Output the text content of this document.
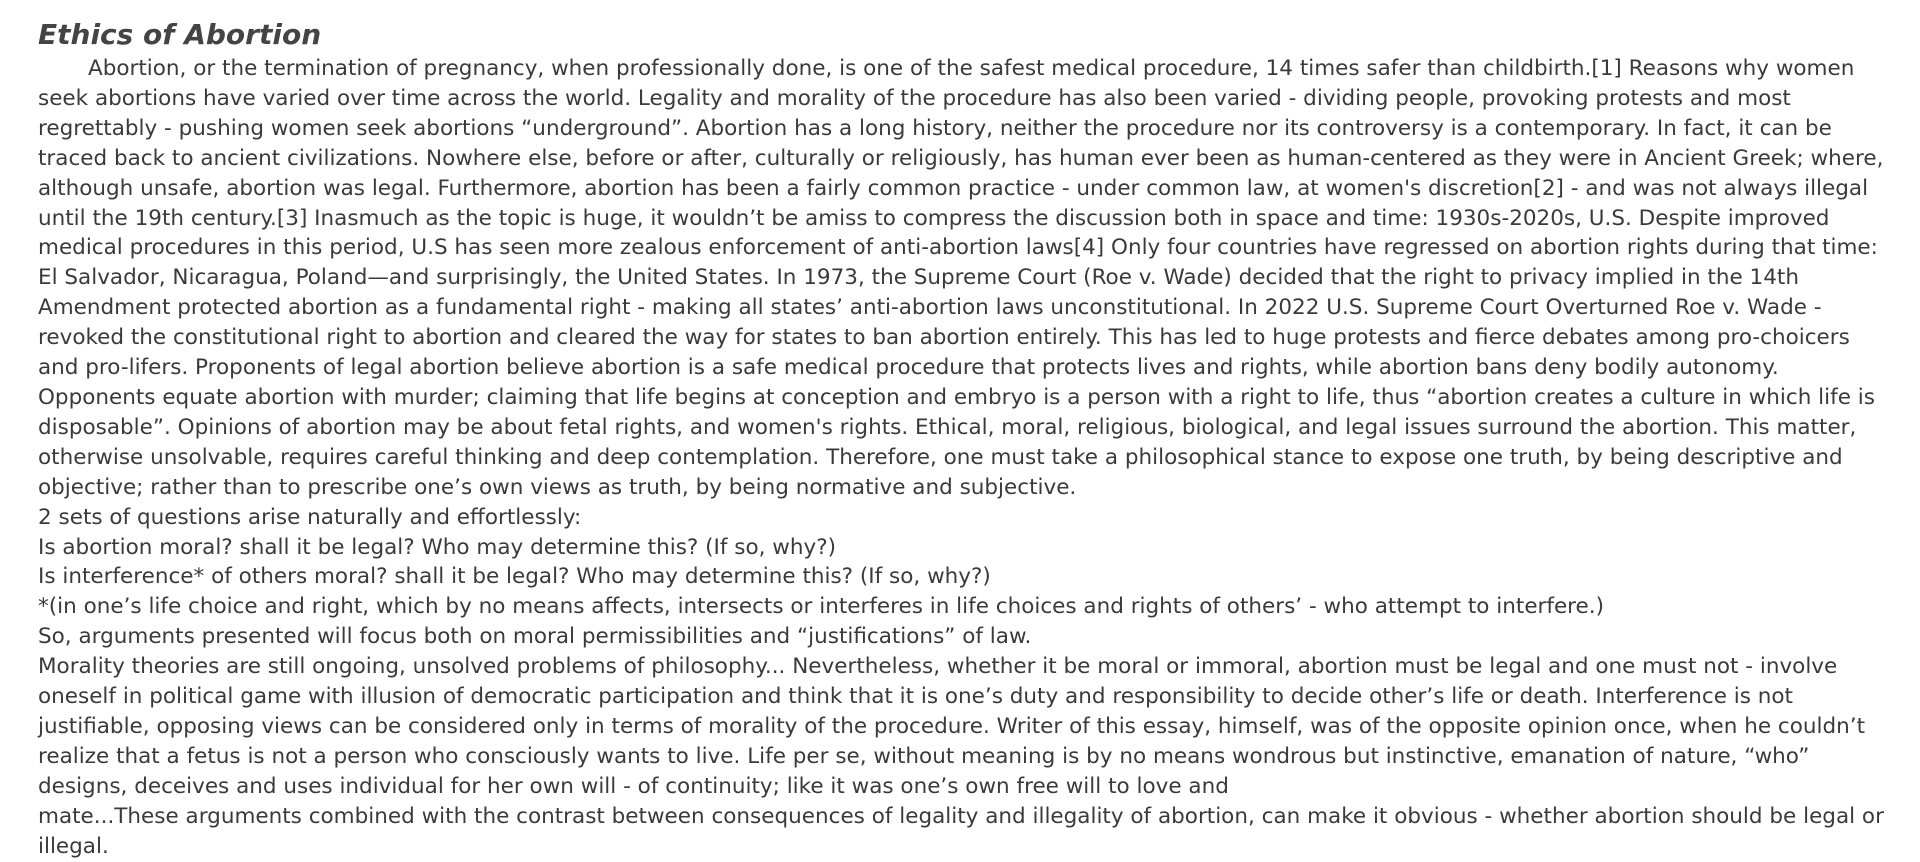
Ethics of Abortion

Abortion, or the termination of pregnancy, when professionally done, is one of the safest medical procedure, 14 times safer than childbirth.[1] Reasons why women seek abortions have varied over time across the world. Legality and morality of the procedure has also been varied - dividing people, provoking protests and most regrettably - pushing women seek abortions “underground”. Abortion has a long history, neither the procedure nor its controversy is a contemporary. In fact, it can be traced back to ancient civilizations. Nowhere else, before or after, culturally or religiously, has human ever been as human-centered as they were in Ancient Greek; where, although unsafe, abortion was legal. Furthermore, abortion has been a fairly common practice - under common law, at women's discretion[2] - and was not always illegal until the 19th century.[3] Inasmuch as the topic is huge, it wouldn’t be amiss to compress the discussion both in space and time: 1930s-2020s, U.S. Despite improved medical procedures in this period, U.S has seen more zealous enforcement of anti-abortion laws[4] Only four countries have regressed on abortion rights during that time: El Salvador, Nicaragua, Poland—and surprisingly, the United States. In 1973, the Supreme Court (Roe v. Wade) decided that the right to privacy implied in the 14th Amendment protected abortion as a fundamental right - making all states’ anti-abortion laws unconstitutional. In 2022 U.S. Supreme Court Overturned Roe v. Wade - revoked the constitutional right to abortion and cleared the way for states to ban abortion entirely. This has led to huge protests and fierce debates among pro-choicers and pro-lifers. Proponents of legal abortion believe abortion is a safe medical procedure that protects lives and rights, while abortion bans deny bodily autonomy. Opponents equate abortion with murder; claiming that life begins at conception and embryo is a person with a right to life, thus “abortion creates a culture in which life is disposable”. Opinions of abortion may be about fetal rights, and women's rights. Ethical, moral, religious, biological, and legal issues surround the abortion. This matter, otherwise unsolvable, requires careful thinking and deep contemplation. Therefore, one must take a philosophical stance to expose one truth, by being descriptive and objective; rather than to prescribe one’s own views as truth, by being normative and subjective.

2 sets of questions arise naturally and effortlessly:

Is abortion moral? shall it be legal? Who may determine this? (If so, why?)

Is interference* of others moral? shall it be legal? Who may determine this? (If so, why?)

*(in one’s life choice and right, which by no means affects, intersects or interferes in life choices and rights of others’ - who attempt to interfere.)

So, arguments presented will focus both on moral permissibilities and “justifications” of law.

Morality theories are still ongoing, unsolved problems of philosophy... Nevertheless, whether it be moral or immoral, abortion must be legal and one must not - involve oneself in political game with illusion of democratic participation and think that it is one’s duty and responsibility to decide other’s life or death. Interference is not justifiable, opposing views can be considered only in terms of morality of the procedure. Writer of this essay, himself, was of the opposite opinion once, when he couldn’t realize that a fetus is not a person who consciously wants to live. Life per se, without meaning is by no means wondrous but instinctive, emanation of nature, “who” designs, deceives and uses individual for her own will - of continuity; like it was one’s own free will to love and

mate...These arguments combined with the contrast between consequences of legality and illegality of abortion, can make it obvious - whether abortion should be legal or illegal.
